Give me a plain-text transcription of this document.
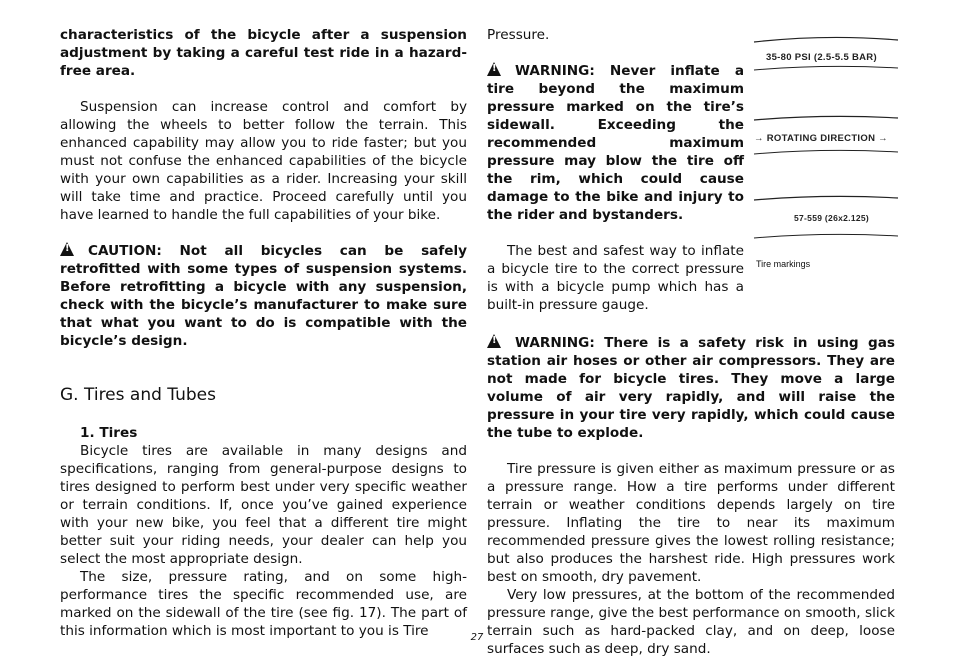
characteristics of the bicycle after a suspension adjustment by taking a careful test ride in a hazard-free area.

Suspension can increase control and comfort by allowing the wheels to better follow the terrain. This enhanced capability may allow you to ride faster; but you must not confuse the enhanced capabilities of the bicycle with your own capabilities as a rider. Increasing your skill will take time and practice. Proceed carefully until you have learned to handle the full capabilities of your bike.

!CAUTION: Not all bicycles can be safely retrofitted with some types of suspension systems. Before retrofitting a bicycle with any suspension, check with the bicycle’s manufacturer to make sure that what you want to do is compatible with the bicycle’s design.

G. Tires and Tubes
1. Tires

Bicycle tires are available in many designs and specifications, ranging from general-purpose designs to tires designed to perform best under very specific weather or terrain conditions. If, once you’ve gained experience with your new bike, you feel that a different tire might better suit your riding needs, your dealer can help you select the most appropriate design.

The size, pressure rating, and on some high-performance tires the specific recommended use, are marked on the sidewall of the tire (see fig. 17). The part of this information which is most important to you is Tire

Pressure.

!WARNING: Never inflate a tire beyond the maximum pressure marked on the tire’s sidewall. Exceeding the recommended maximum pressure may blow the tire off the rim, which could cause damage to the bike and injury to the rider and bystanders.

The best and safest way to inflate a bicycle tire to the correct pressure is with a bicycle pump which has a built-in pressure gauge.

!WARNING: There is a safety risk in using gas station air hoses or other air compressors. They are not made for bicycle tires. They move a large volume of air very rapidly, and will raise the pressure in your tire very rapidly, which could cause the tube to explode.

Tire pressure is given either as maximum pressure or as a pressure range. How a tire performs under different terrain or weather conditions depends largely on tire pressure. Inflating the tire to near its maximum recommended pressure gives the lowest rolling resistance; but also produces the harshest ride. High pressures work best on smooth, dry pavement.

Very low pressures, at the bottom of the recommended pressure range, give the best performance on smooth, slick terrain such as hard-packed clay, and on deep, loose surfaces such as deep, dry sand.

35-80 PSI (2.5-5.5 BAR)
→ ROTATING DIRECTION →
57-559 (26x2.125)
Tire markings
27
